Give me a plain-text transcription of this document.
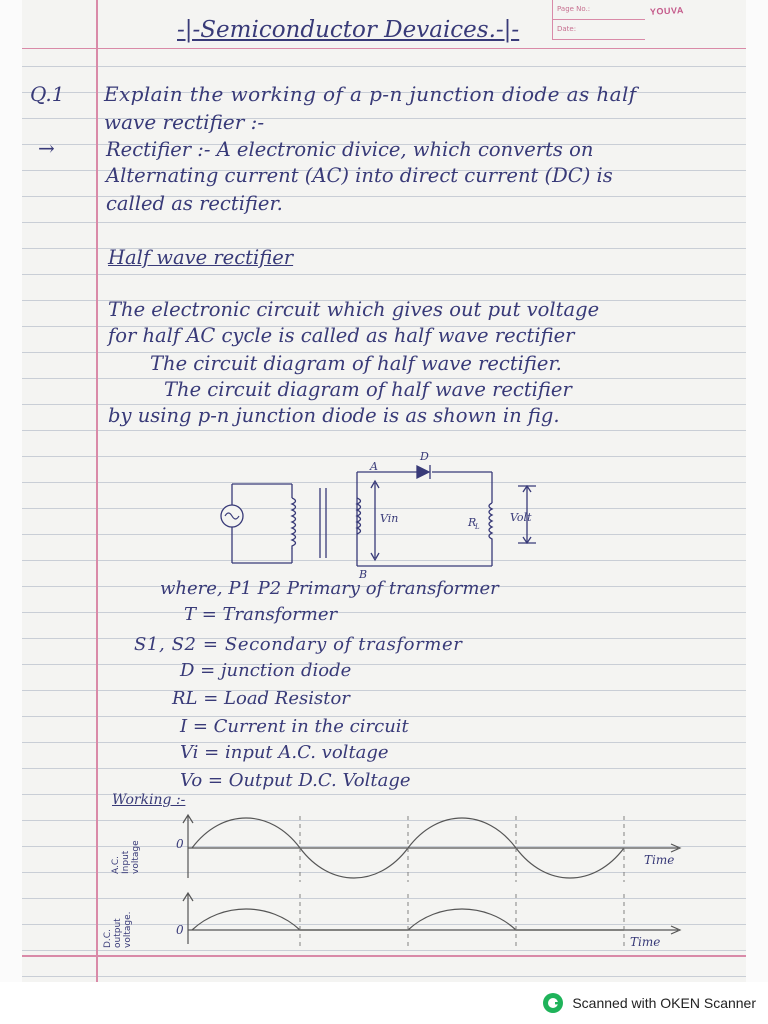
Page No.:
Date:
YOUVA
-|-Semiconductor Devaices.-|-
Q.1 Explain the working of a p-n junction diode as half
wave rectifier :-
→	Rectifier :- A electronic divice, which converts on
Alternating current (AC) into direct current (DC) is
called as rectifier.
Half wave rectifier
The electronic circuit which gives out put voltage
for half AC cycle is called as half wave rectifier
The circuit diagram of half wave rectifier.
The circuit diagram of half wave rectifier
by using p-n junction diode is as shown in fig.
A
B
D
Vin	R
L
Volt
where, P1 P2 Primary of transformer
T = Transformer
S1, S2 = Secondary of trasformer
D = junction diode
RL = Load Resistor
I = Current in the circuit
Vi = input A.C. voltage
Vo = Output D.C. Voltage
Working :-
0
Time
A.C. Input voltage
0
Time
D.C. output voltage.
Scanned with OKEN Scanner
